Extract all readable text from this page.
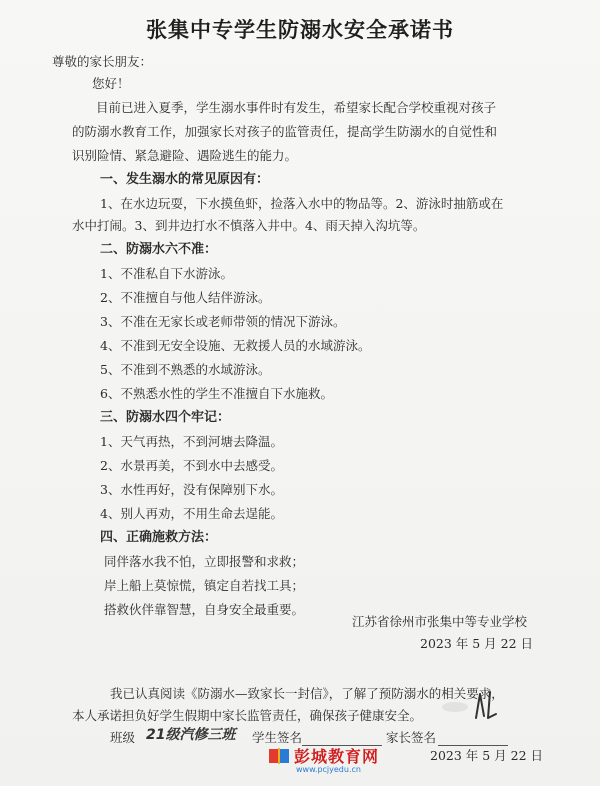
张集中专学生防溺水安全承诺书
尊敬的家长朋友：
您好！
目前已进入夏季，学生溺水事件时有发生，希望家长配合学校重视对孩子
的防溺水教育工作，加强家长对孩子的监管责任，提高学生防溺水的自觉性和
识别险情、紧急避险、遇险逃生的能力。
一、发生溺水的常见原因有：
1、在水边玩耍，下水摸鱼虾，捡落入水中的物品等。2、游泳时抽筋或在
水中打闹。3、到井边打水不慎落入井中。4、雨天掉入沟坑等。
二、防溺水六不准：
1、不准私自下水游泳。
2、不准擅自与他人结伴游泳。
3、不准在无家长或老师带领的情况下游泳。
4、不准到无安全设施、无救援人员的水域游泳。
5、不准到不熟悉的水域游泳。
6、不熟悉水性的学生不准擅自下水施救。
三、防溺水四个牢记：
1、天气再热，不到河塘去降温。
2、水景再美，不到水中去感受。
3、水性再好，没有保障别下水。
4、别人再劝，不用生命去逞能。
四、正确施救方法：
同伴落水我不怕，立即报警和求救；
岸上船上莫惊慌，镇定自若找工具；
搭救伙伴靠智慧，自身安全最重要。
江苏省徐州市张集中等专业学校
2023 年 5 月 22 日
我已认真阅读《防溺水—致家长一封信》，了解了预防溺水的相关要求，
本人承诺担负好学生假期中家长监管责任，确保孩子健康安全。
班级 21级汽修三班 学生签名	家长签名
2023 年 5 月 22 日
彭城教育网
www.pcjyedu.cn
